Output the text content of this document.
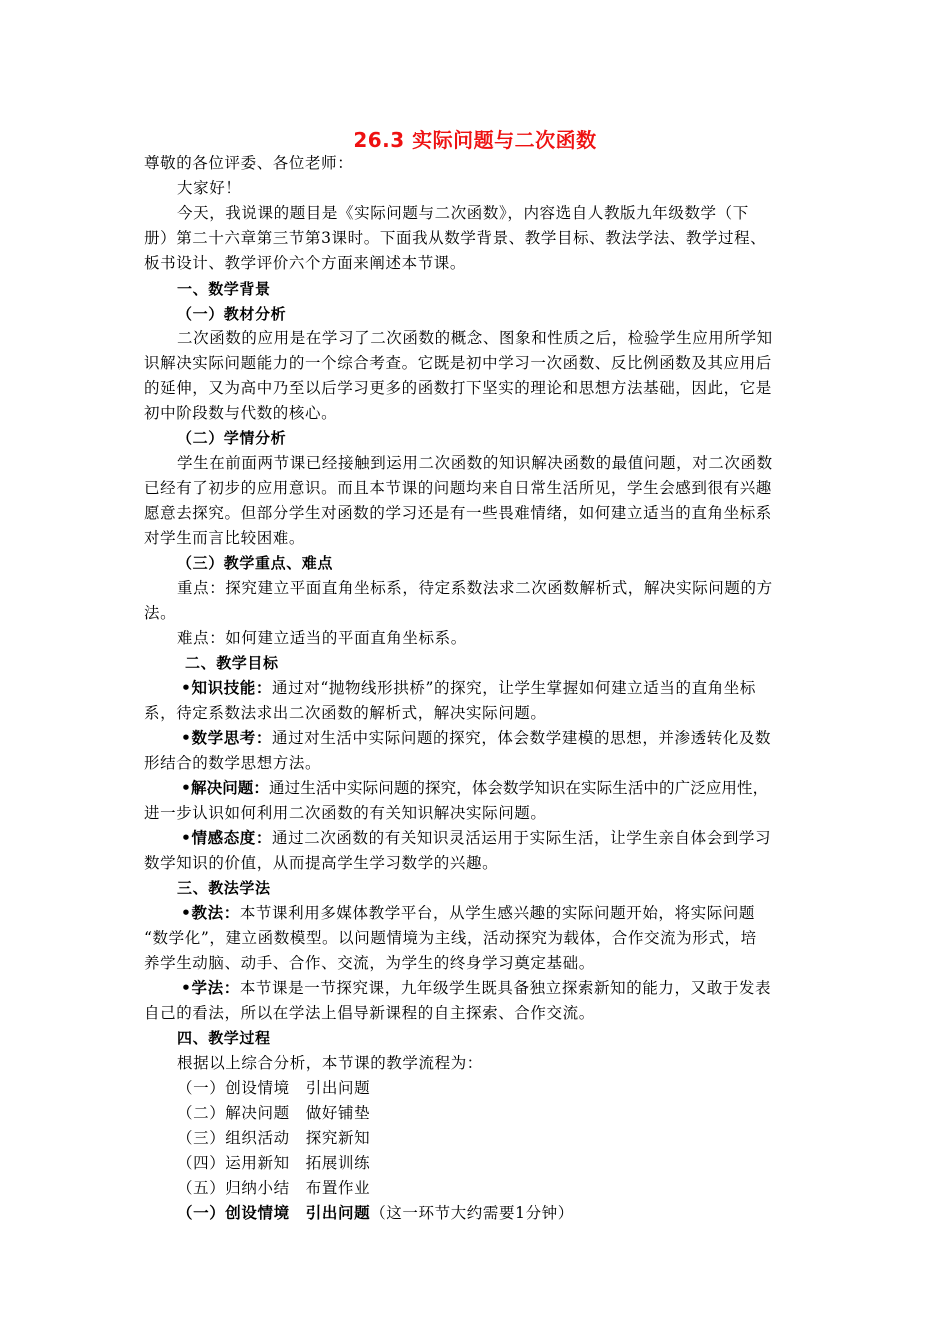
26.3 实际问题与二次函数
尊敬的各位评委、各位老师：
大家好！
今天，我说课的题目是《实际问题与二次函数》，内容选自人教版九年级数学（下
册）第二十六章第三节第3课时。下面我从数学背景、教学目标、教法学法、教学过程、
板书设计、教学评价六个方面来阐述本节课。
一、数学背景
（一）教材分析
二次函数的应用是在学习了二次函数的概念、图象和性质之后，检验学生应用所学知
识解决实际问题能力的一个综合考查。它既是初中学习一次函数、反比例函数及其应用后
的延伸，又为高中乃至以后学习更多的函数打下坚实的理论和思想方法基础，因此，它是
初中阶段数与代数的核心。
（二）学情分析
学生在前面两节课已经接触到运用二次函数的知识解决函数的最值问题，对二次函数
已经有了初步的应用意识。而且本节课的问题均来自日常生活所见，学生会感到很有兴趣
愿意去探究。但部分学生对函数的学习还是有一些畏难情绪，如何建立适当的直角坐标系
对学生而言比较困难。
（三）教学重点、难点
重点：探究建立平面直角坐标系，待定系数法求二次函数解析式，解决实际问题的方
法。
难点：如何建立适当的平面直角坐标系。
二、教学目标
•知识技能：通过对“抛物线形拱桥”的探究，让学生掌握如何建立适当的直角坐标
系，待定系数法求出二次函数的解析式，解决实际问题。
•数学思考：通过对生活中实际问题的探究，体会数学建模的思想，并渗透转化及数
形结合的数学思想方法。
•解决问题：通过生活中实际问题的探究，体会数学知识在实际生活中的广泛应用性，
进一步认识如何利用二次函数的有关知识解决实际问题。
•情感态度：通过二次函数的有关知识灵活运用于实际生活，让学生亲自体会到学习
数学知识的价值，从而提高学生学习数学的兴趣。
三、教法学法
•教法：本节课利用多媒体教学平台，从学生感兴趣的实际问题开始，将实际问题
“数学化”，建立函数模型。以问题情境为主线，活动探究为载体，合作交流为形式，培
养学生动脑、动手、合作、交流，为学生的终身学习奠定基础。
•学法：本节课是一节探究课，九年级学生既具备独立探索新知的能力，又敢于发表
自己的看法，所以在学法上倡导新课程的自主探索、合作交流。
四、教学过程
根据以上综合分析，本节课的教学流程为：
（一）创设情境　引出问题
（二）解决问题　做好铺垫
（三）组织活动　探究新知
（四）运用新知　拓展训练
（五）归纳小结　布置作业
（一）创设情境　引出问题（这一环节大约需要1分钟）
